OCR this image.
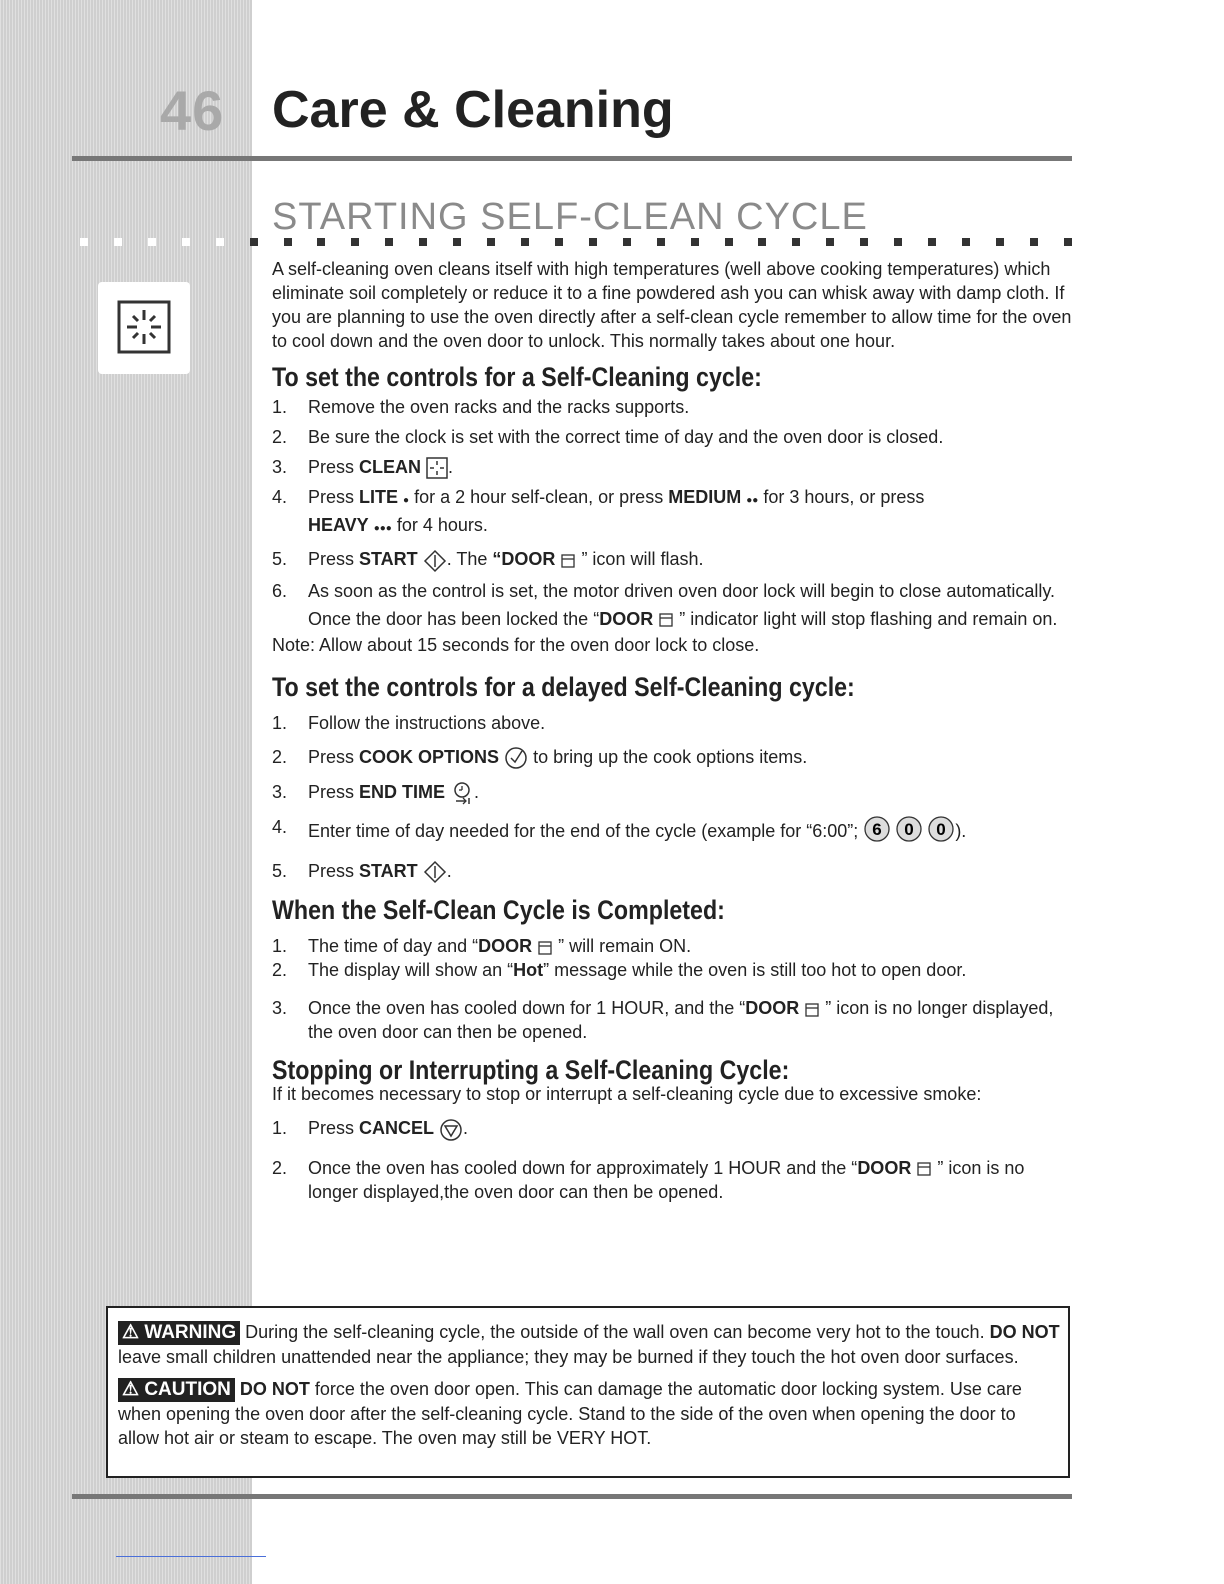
46 Care & Cleaning
STARTING SELF-CLEAN CYCLE

A self-cleaning oven cleans itself with high temperatures (well above cooking temperatures) which eliminate soil completely or reduce it to a fine powdered ash you can whisk away with damp cloth. If you are planning to use the oven directly after a self-clean cycle remember to allow time for the oven to cool down and the oven door to unlock. This normally takes about one hour.

To set the controls for a Self-Cleaning cycle:
1. Remove the oven racks and the racks supports.
2. Be sure the clock is set with the correct time of day and the oven door is closed.
3. Press CLEAN .
4. Press LITE ● for a 2 hour self-clean, or press MEDIUM ●● for 3 hours, or press
HEAVY ●●● for 4 hours.
5. Press START . The “DOOR ” icon will flash.
6. As soon as the control is set, the motor driven oven door lock will begin to close automatically. Once the door has been locked the “DOOR ” indicator light will stop flashing and remain on.

Note: Allow about 15 seconds for the oven door lock to close.

To set the controls for a delayed Self-Cleaning cycle:
1. Follow the instructions above.
2. Press COOK OPTIONS  to bring up the cook options items.
3. Press END TIME .
4. Enter time of day needed for the end of the cycle (example for “6:00”; 6 0 0 ).
5. Press START .
When the Self-Clean Cycle is Completed:
1. The time of day and “DOOR ” will remain ON.
2. The display will show an “Hot” message while the oven is still too hot to open door.
3. Once the oven has cooled down for 1 HOUR, and the “DOOR ” icon is no longer displayed, the oven door can then be opened.
Stopping or Interrupting a Self-Cleaning Cycle:

If it becomes necessary to stop or interrupt a self-cleaning cycle due to excessive smoke:

1. Press CANCEL .
2. Once the oven has cooled down for approximately 1 HOUR and the “DOOR ” icon is no longer displayed,the oven door can then be opened.

⚠ WARNING During the self-cleaning cycle, the outside of the wall oven can become very hot to the touch. DO NOT leave small children unattended near the appliance; they may be burned if they touch the hot oven door surfaces.

⚠ CAUTION DO NOT force the oven door open. This can damage the automatic door locking system. Use care when opening the oven door after the self-cleaning cycle. Stand to the side of the oven when opening the door to allow hot air or steam to escape. The oven may still be VERY HOT.
